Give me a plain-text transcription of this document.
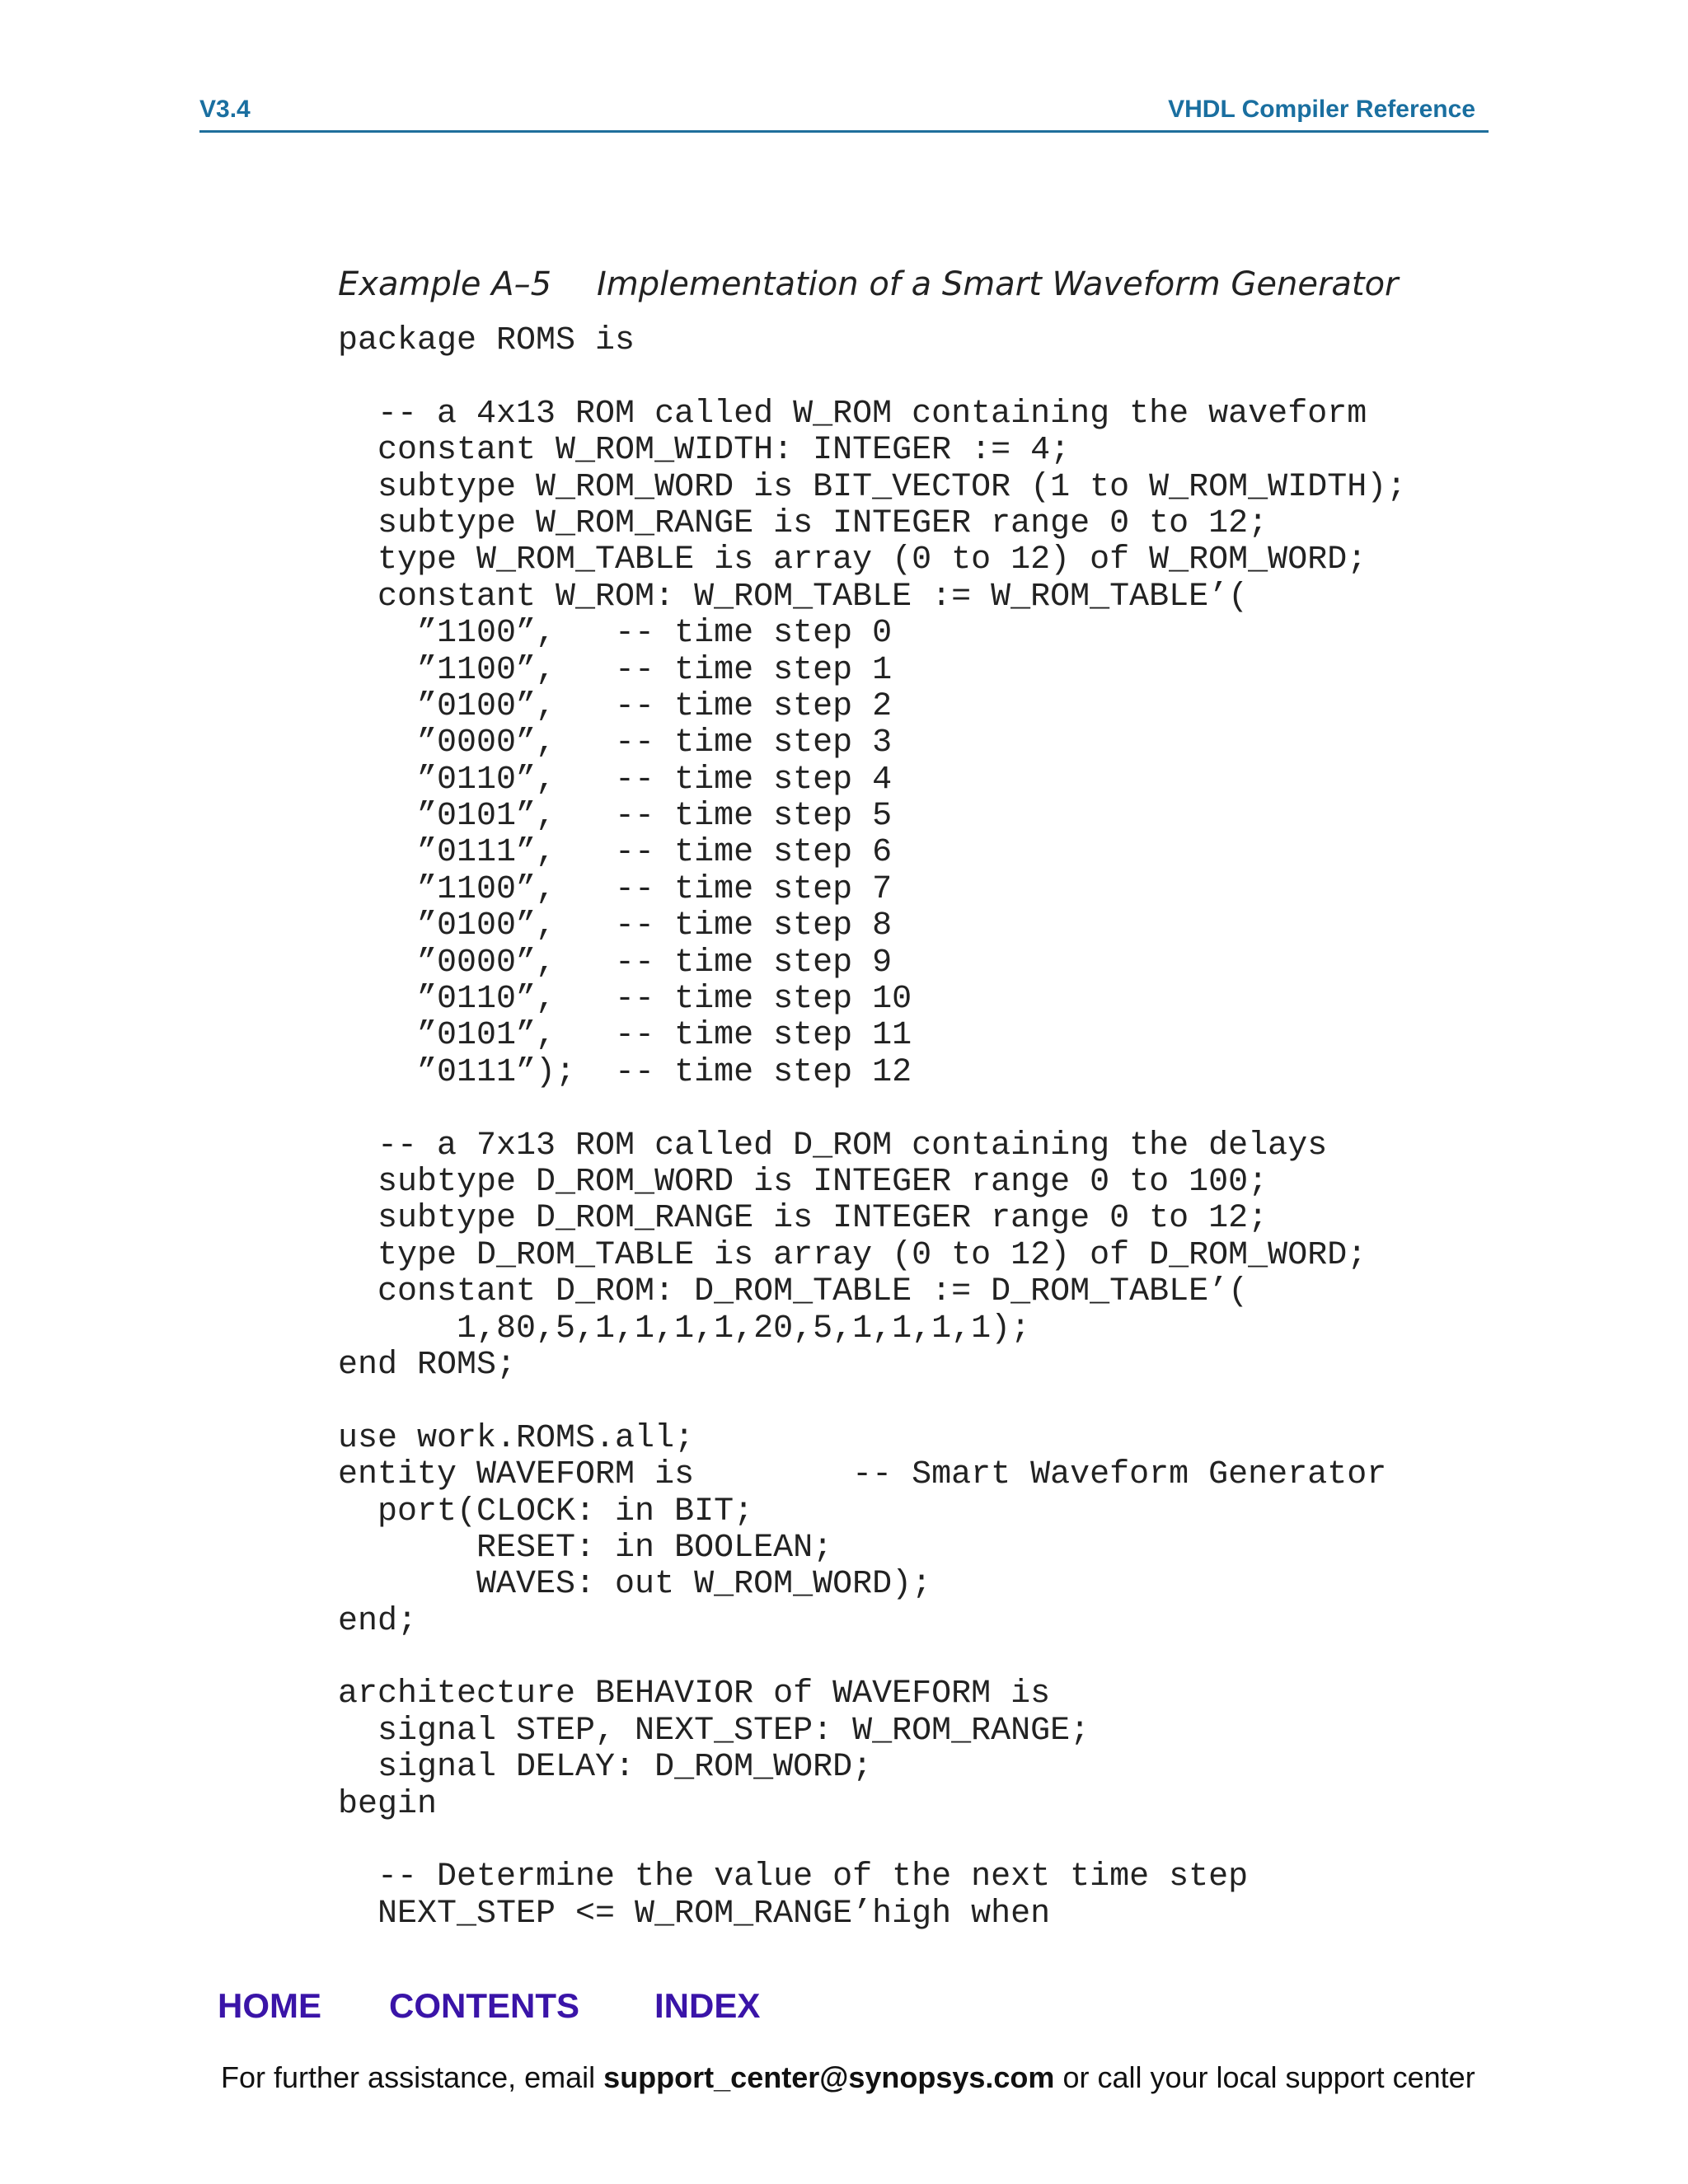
V3.4	VHDL Compiler Reference
Example A–5 Implementation of a Smart Waveform Generator
package ROMS is
-- a 4x13 ROM called W_ROM containing the waveform
constant W_ROM_WIDTH: INTEGER := 4;
subtype W_ROM_WORD is BIT_VECTOR (1 to W_ROM_WIDTH);
subtype W_ROM_RANGE is INTEGER range 0 to 12;
type W_ROM_TABLE is array (0 to 12) of W_ROM_WORD;
constant W_ROM: W_ROM_TABLE := W_ROM_TABLE’(
”1100”,   -- time step 0
”1100”,   -- time step 1
”0100”,   -- time step 2
”0000”,   -- time step 3
”0110”,   -- time step 4
”0101”,   -- time step 5
”0111”,   -- time step 6
”1100”,   -- time step 7
”0100”,   -- time step 8
”0000”,   -- time step 9
”0110”,   -- time step 10
”0101”,   -- time step 11
”0111”);  -- time step 12
-- a 7x13 ROM called D_ROM containing the delays
subtype D_ROM_WORD is INTEGER range 0 to 100;
subtype D_ROM_RANGE is INTEGER range 0 to 12;
type D_ROM_TABLE is array (0 to 12) of D_ROM_WORD;
constant D_ROM: D_ROM_TABLE := D_ROM_TABLE’(
1,80,5,1,1,1,1,20,5,1,1,1,1);
end ROMS;
use work.ROMS.all;
entity WAVEFORM is        -- Smart Waveform Generator
port(CLOCK: in BIT;
RESET: in BOOLEAN;
WAVES: out W_ROM_WORD);
end;
architecture BEHAVIOR of WAVEFORM is
signal STEP, NEXT_STEP: W_ROM_RANGE;
signal DELAY: D_ROM_WORD;
begin
-- Determine the value of the next time step
NEXT_STEP <= W_ROM_RANGE’high when
HOME CONTENTS INDEX
For further assistance, email support_center@synopsys.com or call your local support center
